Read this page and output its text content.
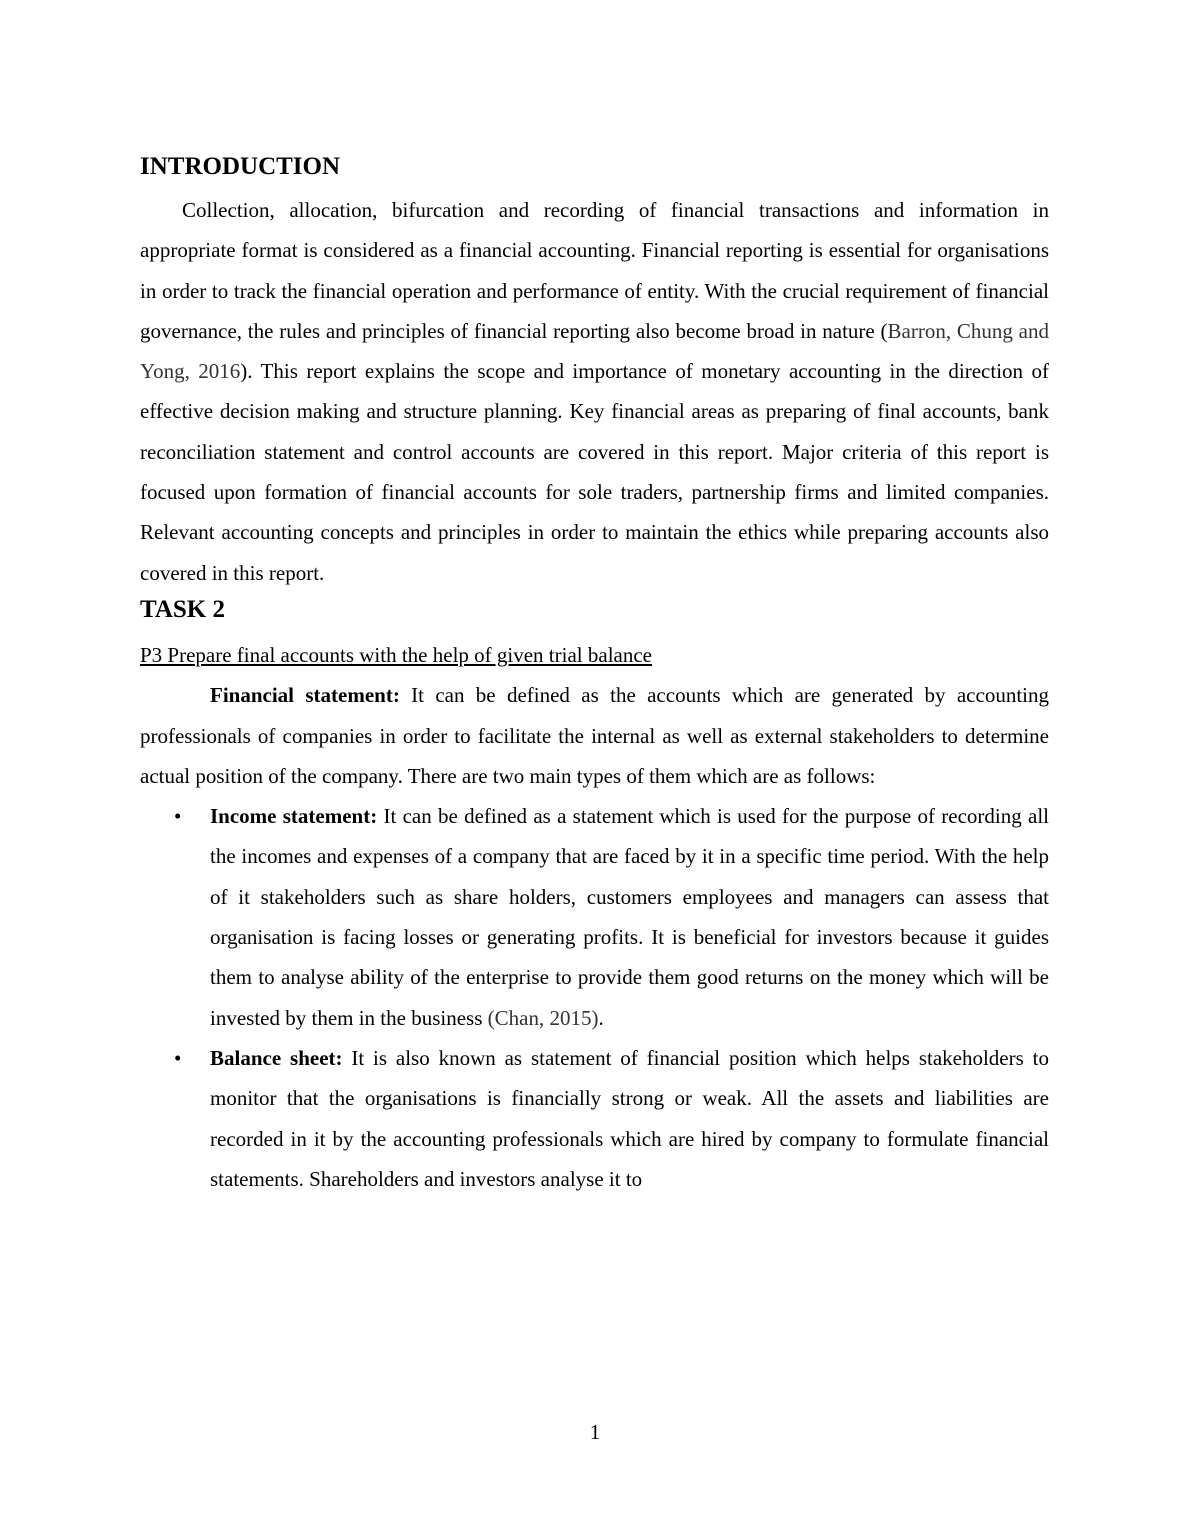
INTRODUCTION

Collection, allocation, bifurcation and recording of financial transactions and information in appropriate format is considered as a financial accounting. Financial reporting is essential for organisations in order to track the financial operation and performance of entity. With the crucial requirement of financial governance, the rules and principles of financial reporting also become broad in nature (Barron, Chung and Yong, 2016). This report explains the scope and importance of monetary accounting in the direction of effective decision making and structure planning. Key financial areas as preparing of final accounts, bank reconciliation statement and control accounts are covered in this report. Major criteria of this report is focused upon formation of financial accounts for sole traders, partnership firms and limited companies. Relevant accounting concepts and principles in order to maintain the ethics while preparing accounts also covered in this report.

TASK 2

P3 Prepare final accounts with the help of given trial balance

Financial statement: It can be defined as the accounts which are generated by accounting professionals of companies in order to facilitate the internal as well as external stakeholders to determine actual position of the company. There are two main types of them which are as follows:

• Income statement: It can be defined as a statement which is used for the purpose of recording all the incomes and expenses of a company that are faced by it in a specific time period. With the help of it stakeholders such as share holders, customers employees and managers can assess that organisation is facing losses or generating profits. It is beneficial for investors because it guides them to analyse ability of the enterprise to provide them good returns on the money which will be invested by them in the business (Chan, 2015).
• Balance sheet: It is also known as statement of financial position which helps stakeholders to monitor that the organisations is financially strong or weak. All the assets and liabilities are recorded in it by the accounting professionals which are hired by company to formulate financial statements. Shareholders and investors analyse it to
1
